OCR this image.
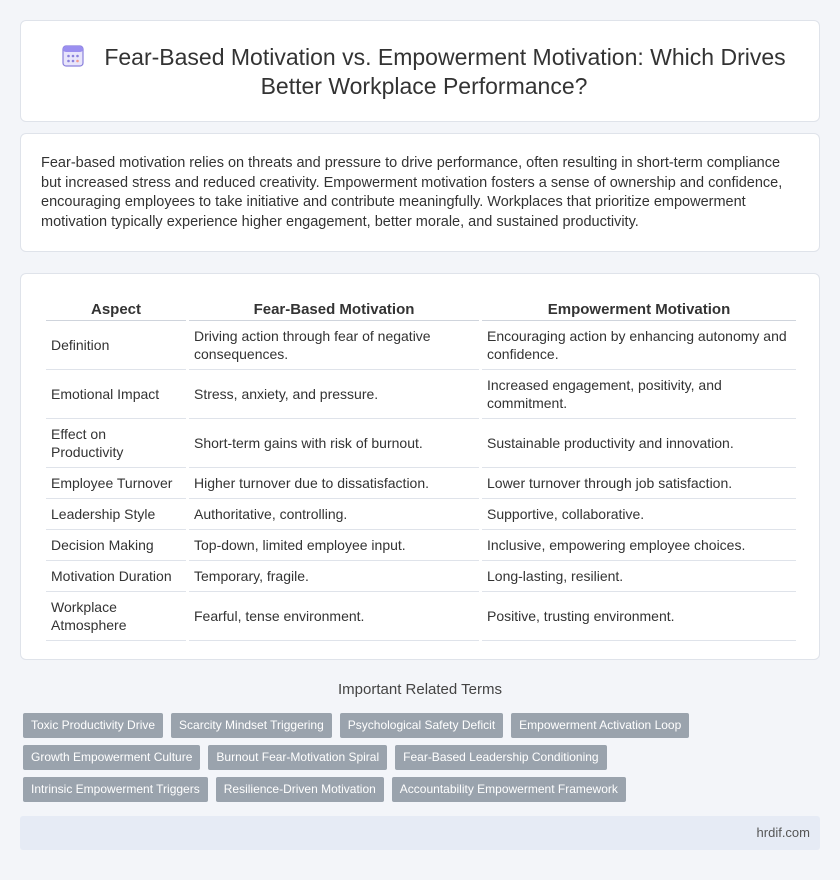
Fear-Based Motivation vs. Empowerment Motivation: Which Drives Better Workplace Performance?

Fear-based motivation relies on threats and pressure to drive performance, often resulting in short-term compliance but increased stress and reduced creativity. Empowerment motivation fosters a sense of ownership and confidence, encouraging employees to take initiative and contribute meaningfully. Workplaces that prioritize empowerment motivation typically experience higher engagement, better morale, and sustained productivity.

Aspect	Fear-Based Motivation	Empowerment Motivation
Definition	Driving action through fear of negative consequences.	Encouraging action by enhancing autonomy and confidence.
Emotional Impact	Stress, anxiety, and pressure.	Increased engagement, positivity, and commitment.
Effect on Productivity	Short-term gains with risk of burnout.	Sustainable productivity and innovation.
Employee Turnover	Higher turnover due to dissatisfaction.	Lower turnover through job satisfaction.
Leadership Style	Authoritative, controlling.	Supportive, collaborative.
Decision Making	Top-down, limited employee input.	Inclusive, empowering employee choices.
Motivation Duration	Temporary, fragile.	Long-lasting, resilient.
Workplace Atmosphere	Fearful, tense environment.	Positive, trusting environment.
Important Related Terms
Toxic Productivity Drive	Scarcity Mindset Triggering	Psychological Safety Deficit	Empowerment Activation Loop
Growth Empowerment Culture	Burnout Fear-Motivation Spiral	Fear-Based Leadership Conditioning
Intrinsic Empowerment Triggers	Resilience-Driven Motivation	Accountability Empowerment Framework
hrdif.com
